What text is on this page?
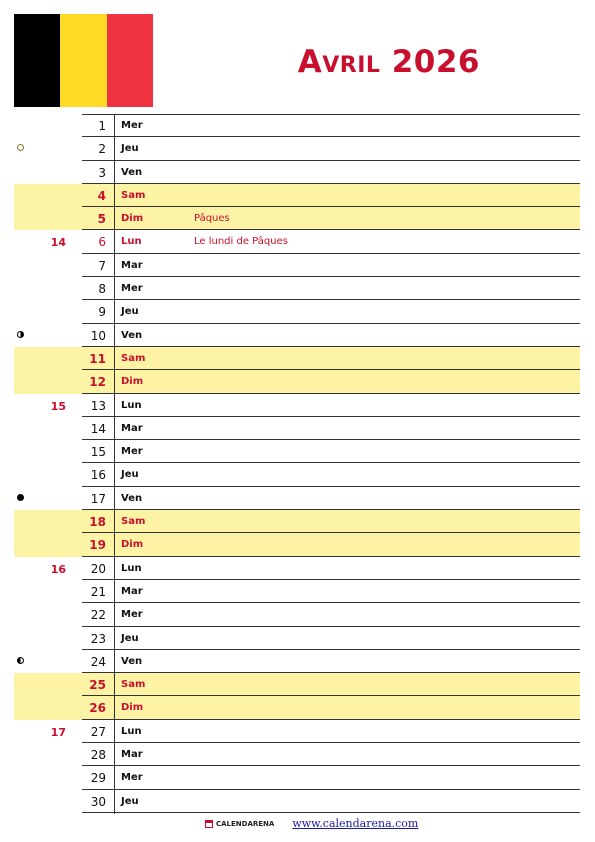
Avril 2026
1 Mer
2 Jeu
3 Ven
4 Sam
5 Dim	Pâques
14	6 Lun	Le lundi de Pâques
7 Mar
8 Mer
9 Jeu
10 Ven
11 Sam
12 Dim
15	13 Lun
14 Mar
15 Mer
16 Jeu
17 Ven
18 Sam
19 Dim
16	20 Lun
21 Mar
22 Mer
23 Jeu
24 Ven
25 Sam
26 Dim
17	27 Lun
28 Mar
29 Mer
30 Jeu
CALENDARENA www.calendarena.com
